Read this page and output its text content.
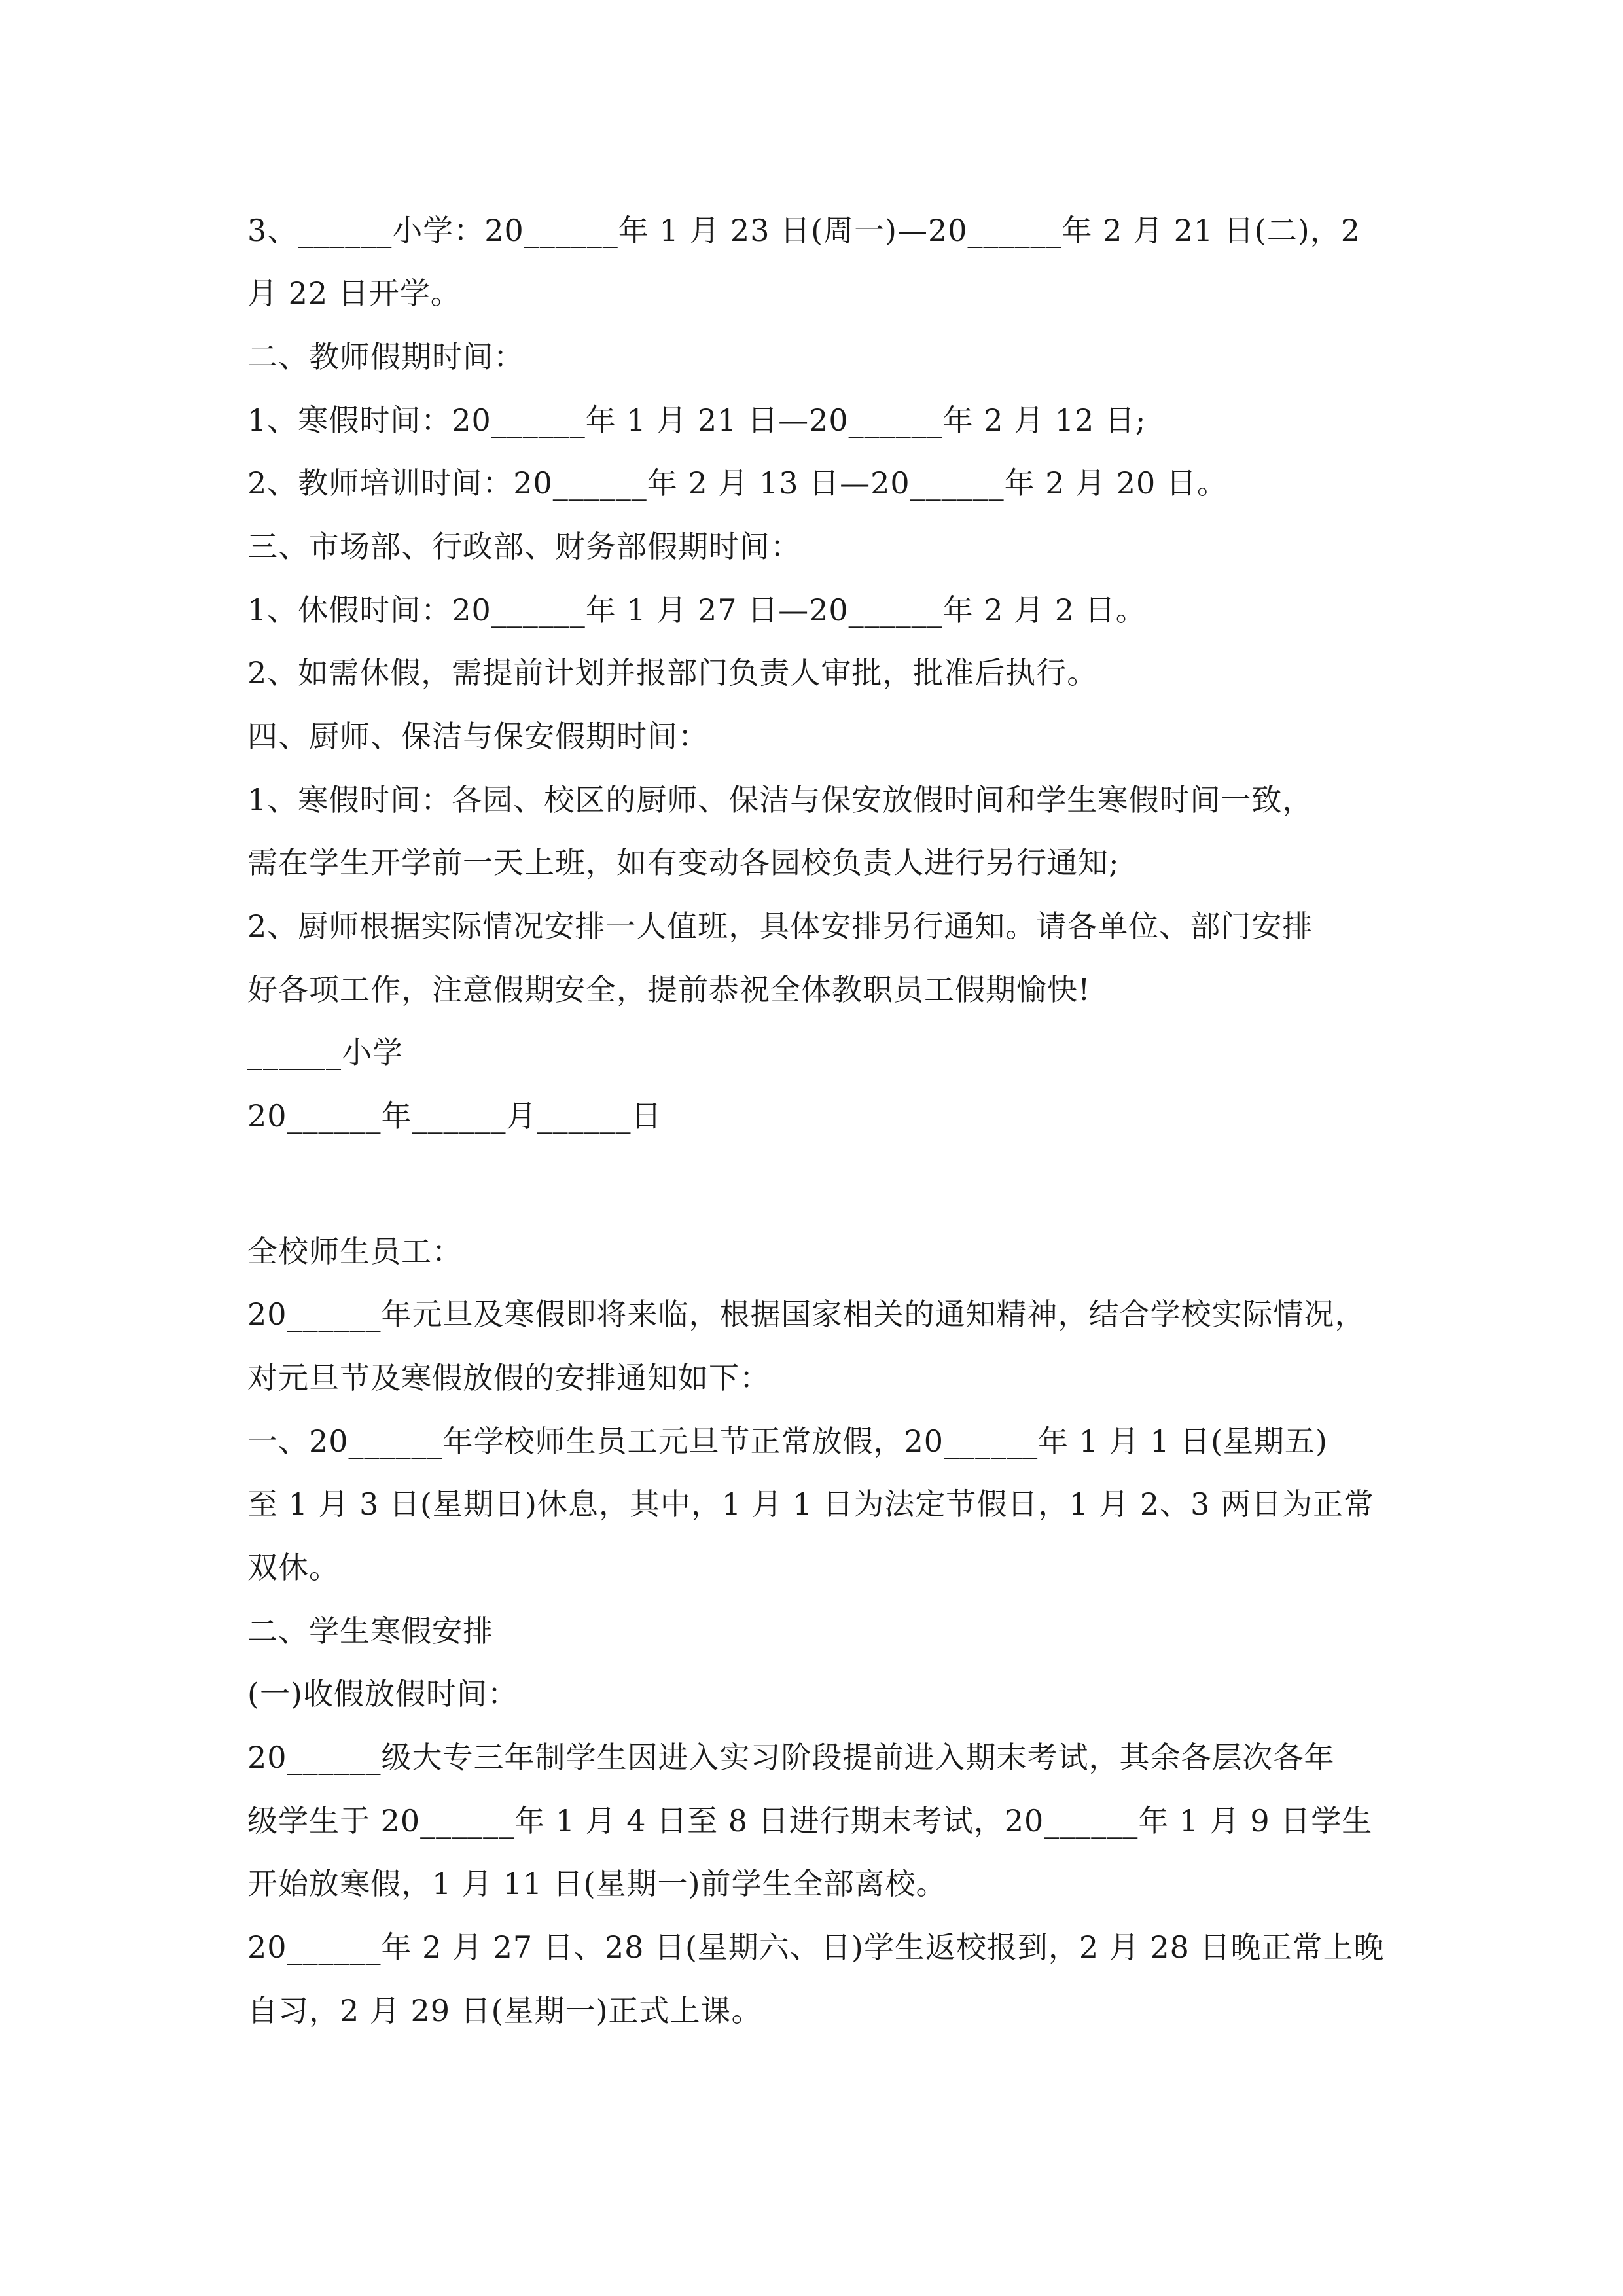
3、______小学：20______年 1 月 23 日(周一)—20______年 2 月 21 日(二)，2
月 22 日开学。
二、教师假期时间：
1、寒假时间：20______年 1 月 21 日—20______年 2 月 12 日;
2、教师培训时间：20______年 2 月 13 日—20______年 2 月 20 日。
三、市场部、行政部、财务部假期时间：
1、休假时间：20______年 1 月 27 日—20______年 2 月 2 日。
2、如需休假，需提前计划并报部门负责人审批，批准后执行。
四、厨师、保洁与保安假期时间：
1、寒假时间：各园、校区的厨师、保洁与保安放假时间和学生寒假时间一致，
需在学生开学前一天上班，如有变动各园校负责人进行另行通知;
2、厨师根据实际情况安排一人值班，具体安排另行通知。请各单位、部门安排
好各项工作，注意假期安全，提前恭祝全体教职员工假期愉快!
______小学
20______年______月______日
全校师生员工：
20______年元旦及寒假即将来临，根据国家相关的通知精神，结合学校实际情况，
对元旦节及寒假放假的安排通知如下：
一、20______年学校师生员工元旦节正常放假，20______年 1 月 1 日(星期五)
至 1 月 3 日(星期日)休息，其中，1 月 1 日为法定节假日，1 月 2、3 两日为正常
双休。
二、学生寒假安排
(一)收假放假时间：
20______级大专三年制学生因进入实习阶段提前进入期末考试，其余各层次各年
级学生于 20______年 1 月 4 日至 8 日进行期末考试，20______年 1 月 9 日学生
开始放寒假，1 月 11 日(星期一)前学生全部离校。
20______年 2 月 27 日、28 日(星期六、日)学生返校报到，2 月 28 日晚正常上晚
自习，2 月 29 日(星期一)正式上课。
